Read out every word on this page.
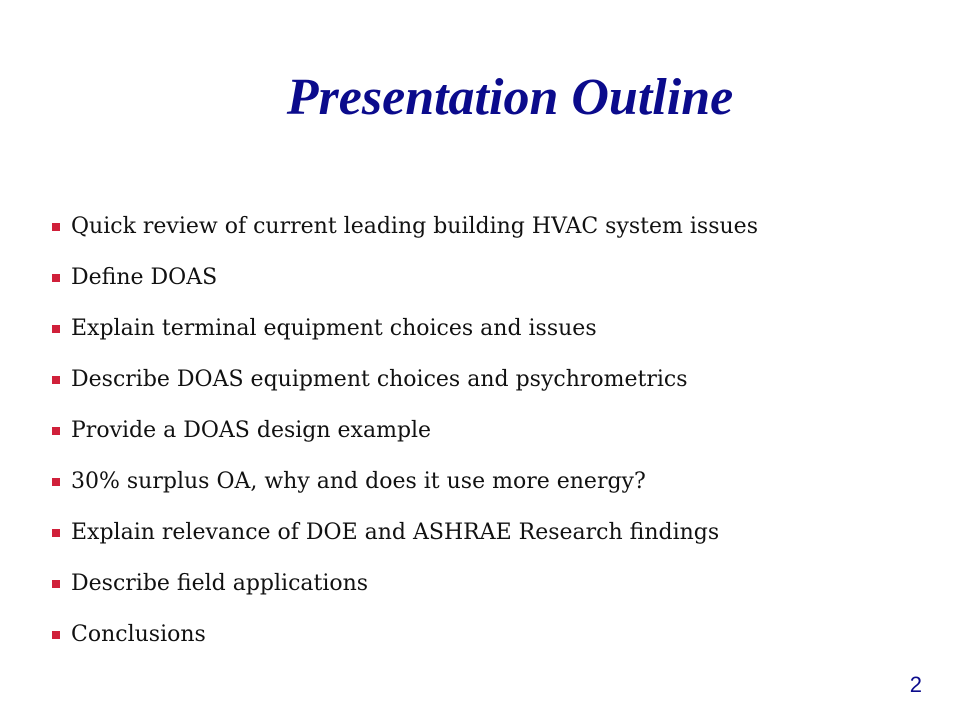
Presentation Outline
Quick review of current leading building HVAC system issues
Define DOAS
Explain terminal equipment choices and issues
Describe DOAS equipment choices and psychrometrics
Provide a DOAS design example
30% surplus OA, why and does it use more energy?
Explain relevance of DOE and ASHRAE Research findings
Describe field applications
Conclusions
2
